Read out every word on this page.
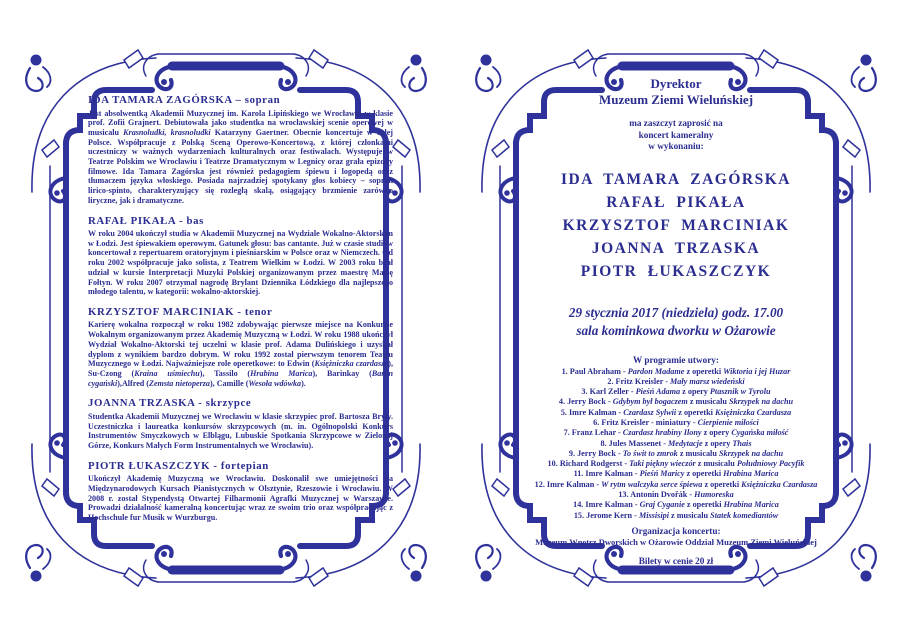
IDA TAMARA ZAGÓRSKA – sopran

Jest absolwentką Akademii Muzycznej im. Karola Lipińskiego we Wrocławiu w klasie prof. Zofii Grajnert. Debiutowała jako studentka na wrocławskiej scenie operowej w musicalu Krasnoludki, krasnoludki Katarzyny Gaertner. Obecnie koncertuje w całej Polsce. Współpracuje z Polską Sceną Operowo-Koncertową, z której członkami uczestniczy w ważnych wydarzeniach kulturalnych oraz festiwalach. Występuje w Teatrze Polskim we Wrocławiu i Teatrze Dramatycznym w Legnicy oraz grała epizody filmowe. Ida Tamara Zagórska jest również pedagogiem śpiewu i logopedą oraz tłumaczem języka włoskiego. Posiada najrzadziej spotykany głos kobiecy – sopran lirico-spinto, charakteryzujący się rozległą skalą, osiągający brzmienie zarówno liryczne, jak i dramatyczne.

RAFAŁ PIKAŁA - bas

W roku 2004 ukończył studia w Akademii Muzycznej na Wydziale Wokalno-Aktorskim w Łodzi. Jest śpiewakiem operowym. Gatunek głosu: bas cantante. Już w czasie studiów koncertował z repertuarem oratoryjnym i pieśniarskim w Polsce oraz w Niemczech. Od roku 2002 współpracuje jako solista, z Teatrem Wielkim w Łodzi. W 2003 roku brał udział w kursie Interpretacji Muzyki Polskiej organizowanym przez maestrę Marię Fołtyn. W roku 2007 otrzymał nagrodę Brylant Dziennika Łódzkiego dla najlepszego młodego talentu, w kategorii: wokalno-aktorskiej.

KRZYSZTOF MARCINIAK - tenor

Karierę wokalna rozpoczął w roku 1982 zdobywając pierwsze miejsce na Konkursie Wokalnym organizowanym przez Akademię Muzyczną w Łodzi. W roku 1988 ukończył Wydział Wokalno-Aktorski tej uczelni w klasie prof. Adama Dulińskiego i uzyskał dyplom z wynikiem bardzo dobrym. W roku 1992 został pierwszym tenorem Teatru Muzycznego w Łodzi. Najważniejsze role operetkowe: to Edwin (Księżniczka czardasza), Su-Czong (Kraina uśmiechu), Tassilo (Hrabina Marica), Barinkay (Baron cygański),Alfred (Zemsta nietoperza), Camille (Wesoła wdówka).

JOANNA TRZASKA - skrzypce

Studentka Akademii Muzycznej we Wrocławiu w klasie skrzypiec prof. Bartosza Bryły. Uczestniczka i laureatka konkursów skrzypcowych (m. in. Ogólnopolski Konkurs Instrumentów Smyczkowych w Elblągu, Lubuskie Spotkania Skrzypcowe w Zielonej Górze, Konkurs Małych Form Instrumentalnych we Wrocławiu).

PIOTR ŁUKASZCZYK - fortepian

Ukończył Akademię Muzyczną we Wrocławiu. Doskonalił swe umiejętności na Międzynarodowych Kursach Pianistycznych w Olsztynie, Rzeszowie i Wrocławiu. W 2008 r. został Stypendystą Otwartej Filharmonii Agrafki Muzycznej w Warszawie. Prowadzi działalność kameralną koncertując wraz ze swoim trio oraz współpracując z Hochschule fur Musik w Wurzburgu.

Dyrektor
Muzeum Ziemi Wieluńskiej
ma zaszczyt zaprosić na
koncert kameralny
w wykonaniu:
IDA TAMARA ZAGÓRSKA
RAFAŁ PIKAŁA
KRZYSZTOF MARCINIAK
JOANNA TRZASKA
PIOTR ŁUKASZCZYK
29 stycznia 2017 (niedziela) godz. 17.00
sala kominkowa dworku w Ożarowie
W programie utwory:
1. Paul Abraham - Pardon Madame z operetki Wiktoria i jej Huzar
2. Fritz Kreisler - Mały marsz wiedeński
3. Karl Zeller - Pieśń Adama z opery Ptasznik w Tyrolu
4. Jerry Bock - Gdybym był bogaczem z musicalu Skrzypek na dachu
5. Imre Kalman - Czardasz Sylwii z operetki Księżniczka Czardasza
6. Fritz Kreisler - miniatury - Cierpienie miłości
7. Franz Lehar - Czardasz hrabiny Ilony z opery Cygańska miłość
8. Jules Massenet - Medytacje z opery Thais
9. Jerry Bock - To świt to zmrok z musicalu Skrzypek na dachu
10. Richard Rodgerst - Taki piękny wieczór z musicalu Południowy Pacyfik
11. Imre Kalman - Pieśń Maricy z operetki Hrabina Marica
12. Imre Kalman - W rytm walczyka serce śpiewa z operetki Księżniczka Czardasza
13. Antonin Dvořák - Humoreska
14. Imre Kalman - Graj Cyganie z operetki Hrabina Marica
15. Jerome Kern - Missisipi z musicalu Statek komediantów
Organizacja koncertu:
Muzeum Wnętrz Dworskich w Ożarowie Oddział Muzeum Ziemi Wieluńskiej
Bilety w cenie 20 zł
